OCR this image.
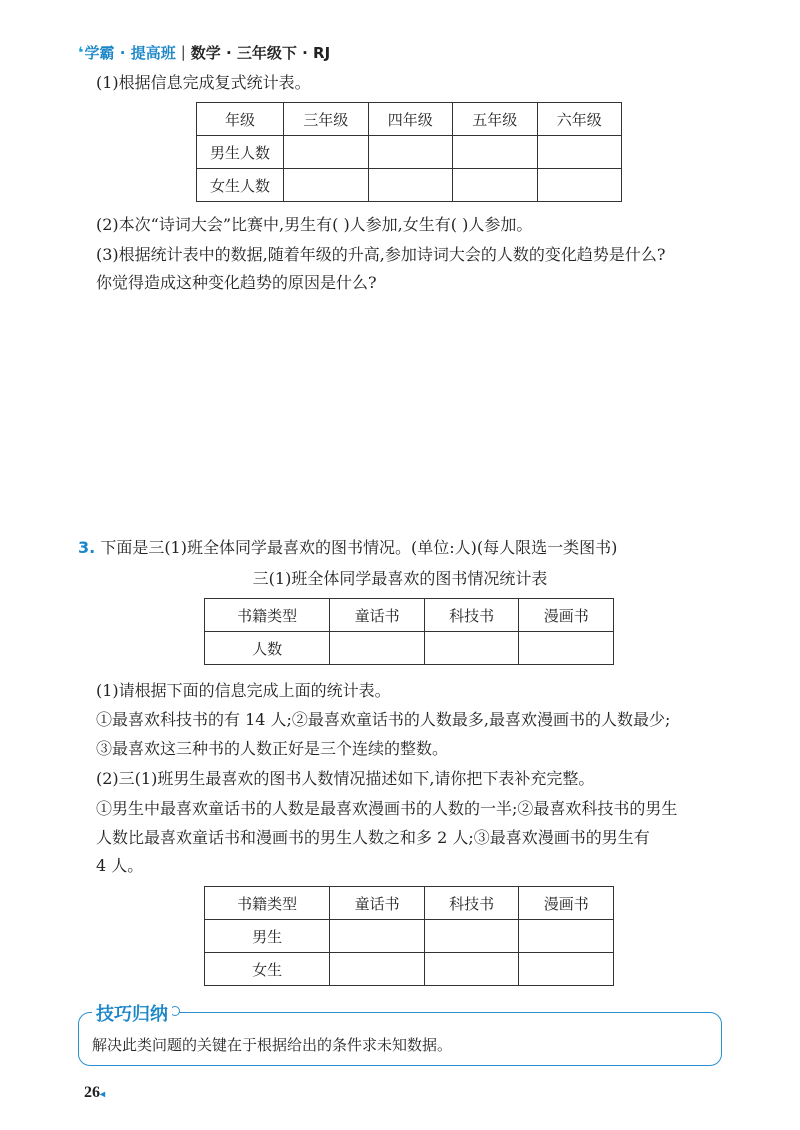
❛ 学霸 · 提高班 | 数学 · 三年级下 · RJ
(1)根据信息完成复式统计表。
年级	三年级	四年级	五年级	六年级
男生人数				
女生人数				
(2)本次“诗词大会”比赛中,男生有( )人参加,女生有( )人参加。
(3)根据统计表中的数据,随着年级的升高,参加诗词大会的人数的变化趋势是什么?
你觉得造成这种变化趋势的原因是什么?
3. 下面是三(1)班全体同学最喜欢的图书情况。(单位:人)(每人限选一类图书)
三(1)班全体同学最喜欢的图书情况统计表
书籍类型	童话书	科技书	漫画书
人数			
(1)请根据下面的信息完成上面的统计表。
①最喜欢科技书的有 14 人;②最喜欢童话书的人数最多,最喜欢漫画书的人数最少;
③最喜欢这三种书的人数正好是三个连续的整数。
(2)三(1)班男生最喜欢的图书人数情况描述如下,请你把下表补充完整。
①男生中最喜欢童话书的人数是最喜欢漫画书的人数的一半;②最喜欢科技书的男生
人数比最喜欢童话书和漫画书的男生人数之和多 2 人;③最喜欢漫画书的男生有
4 人。
书籍类型	童话书	科技书	漫画书
男生			
女生			
技巧归纳
解决此类问题的关键在于根据给出的条件求未知数据。
26◂
